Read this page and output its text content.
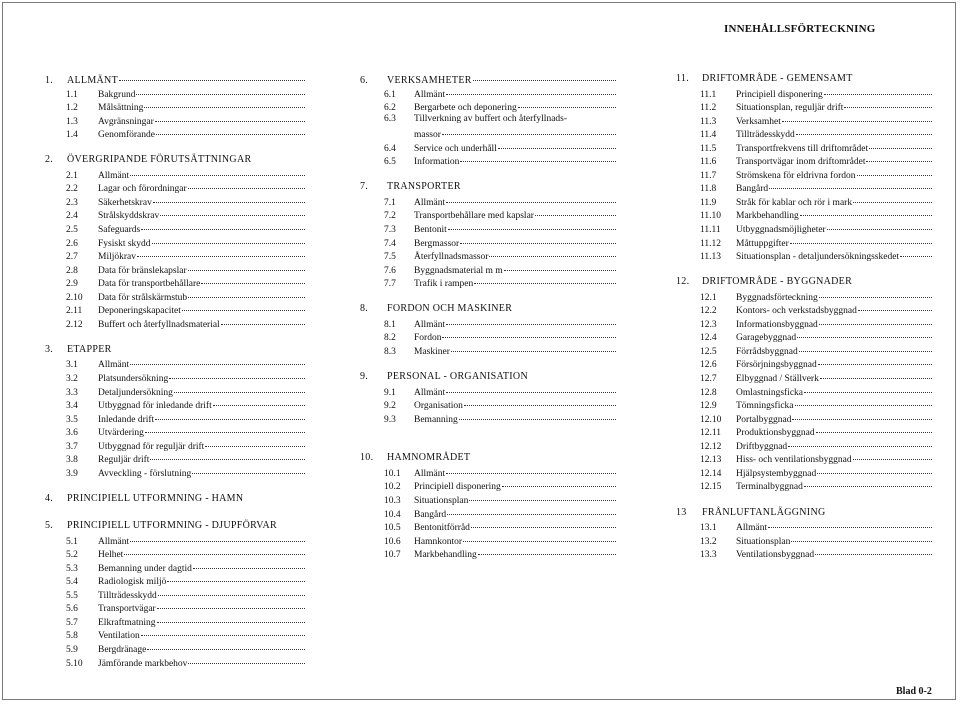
INNEHÅLLSFÖRTECKNING
1.	ALLMÄNT
1.1	Bakgrund
1.2	Målsättning
1.3	Avgränsningar
1.4	Genomförande
2.	ÖVERGRIPANDE FÖRUTSÄTTNINGAR
2.1	Allmänt
2.2	Lagar och förordningar
2.3	Säkerhetskrav
2.4	Strålskyddskrav
2.5	Safeguards
2.6	Fysiskt skydd
2.7	Miljökrav
2.8	Data för bränslekapslar
2.9	Data för transportbehållare
2.10	Data för strålskärmstub
2.11	Deponeringskapacitet
2.12	Buffert och återfyllnadsmaterial
3.	ETAPPER
3.1	Allmänt
3.2	Platsundersökning
3.3	Detaljundersökning
3.4	Utbyggnad för inledande drift
3.5	Inledande drift
3.6	Utvärdering
3.7	Utbyggnad för reguljär drift
3.8	Reguljär drift
3.9	Avveckling - förslutning
4.	PRINCIPIELL UTFORMNING - HAMN
5.	PRINCIPIELL UTFORMNING - DJUPFÖRVAR
5.1	Allmänt
5.2	Helhet
5.3	Bemanning under dagtid
5.4	Radiologisk miljö
5.5	Tillträdesskydd
5.6	Transportvägar
5.7	Elkraftmatning
5.8	Ventilation
5.9	Bergdränage
5.10	Jämförande markbehov
6.	VERKSAMHETER
6.1	Allmänt
6.2	Bergarbete och deponering
6.3	Tillverkning av buffert och återfyllnads-
massor
6.4	Service och underhåll
6.5	Information
7.	TRANSPORTER
7.1	Allmänt
7.2	Transportbehållare med kapslar
7.3	Bentonit
7.4	Bergmassor
7.5	Återfyllnadsmassor
7.6	Byggnadsmaterial m m
7.7	Trafik i rampen
8.	FORDON OCH MASKINER
8.1	Allmänt
8.2	Fordon
8.3	Maskiner
9.	PERSONAL - ORGANISATION
9.1	Allmänt
9.2	Organisation
9.3	Bemanning
10.	HAMNOMRÅDET
10.1	Allmänt
10.2	Principiell disponering
10.3	Situationsplan
10.4	Bangård
10.5	Bentonitförråd
10.6	Hamnkontor
10.7	Markbehandling
11.	DRIFTOMRÅDE - GEMENSAMT
11.1	Principiell disponering
11.2	Situationsplan, reguljär drift
11.3	Verksamhet
11.4	Tillträdesskydd
11.5	Transportfrekvens till driftområdet
11.6	Transportvägar inom driftområdet
11.7	Strömskena för eldrivna fordon
11.8	Bangård
11.9	Stråk för kablar och rör i mark
11.10	Markbehandling
11.11	Utbyggnadsmöjligheter
11.12	Måttuppgifter
11.13	Situationsplan - detaljundersökningsskedet
12.	DRIFTOMRÅDE - BYGGNADER
12.1	Byggnadsförteckning
12.2	Kontors- och verkstadsbyggnad
12.3	Informationsbyggnad
12.4	Garagebyggnad
12.5	Förrådsbyggnad
12.6	Försörjningsbyggnad
12.7	Elbyggnad / Ställverk
12.8	Omlastningsficka
12.9	Tömningsficka
12.10	Portalbyggnad
12.11	Produktionsbyggnad
12.12	Driftbyggnad
12.13	Hiss- och ventilationsbyggnad
12.14	Hjälpsystembyggnad
12.15	Terminalbyggnad
13	FRÅNLUFTANLÄGGNING
13.1	Allmänt
13.2	Situationsplan
13.3	Ventilationsbyggnad
Blad 0-2
